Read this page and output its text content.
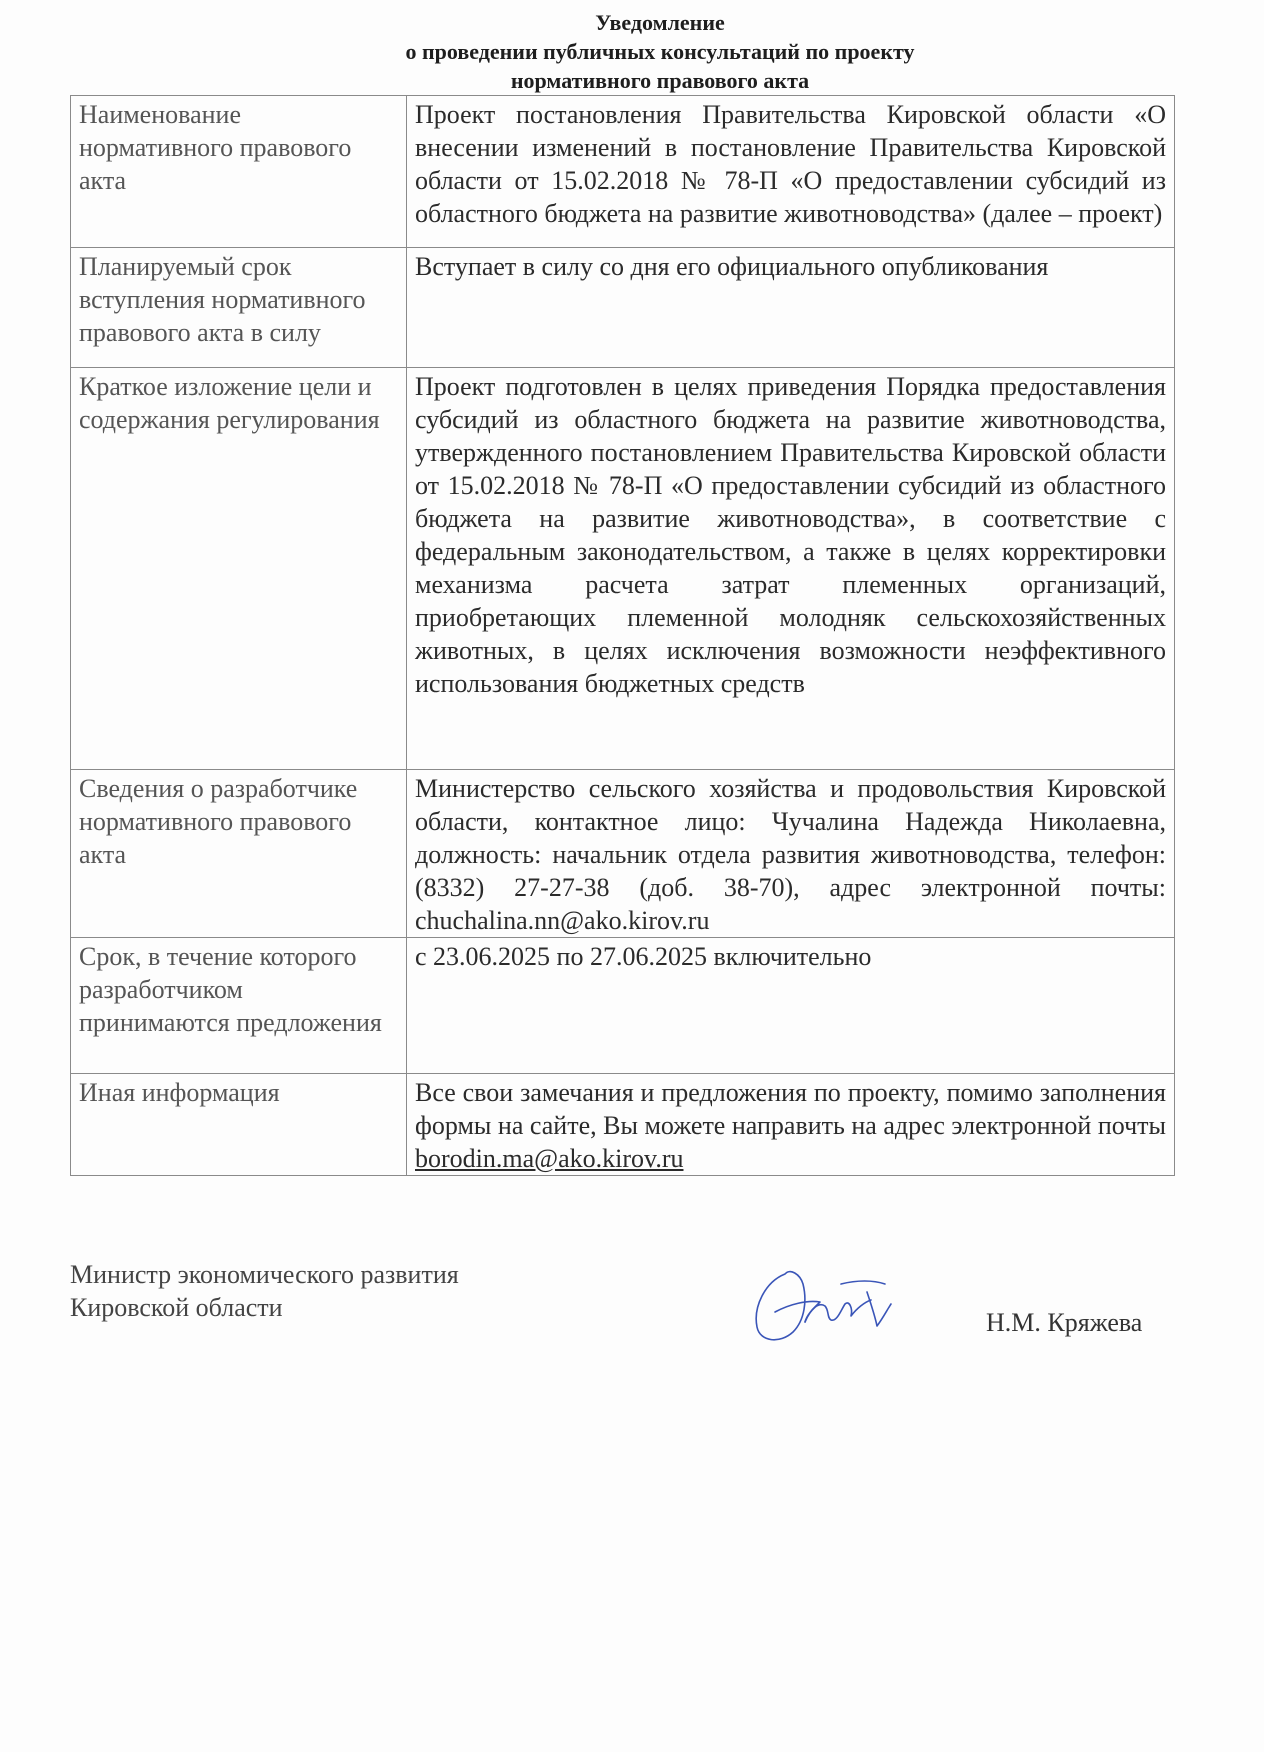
Уведомление
о проведении публичных консультаций по проекту
нормативного правового акта
Наименование нормативного правового акта	Проект постановления Правительства Кировской области «О внесении изменений в постановление Правительства Кировской области от 15.02.2018 № 78-П «О предоставлении субсидий из областного бюджета на развитие животноводства» (далее – проект)
Планируемый срок вступления нормативного правового акта в силу	Вступает в силу со дня его официального опубликования
Краткое изложение цели и содержания регулирования	Проект подготовлен в целях приведения Порядка предоставления субсидий из областного бюджета на развитие животноводства, утвержденного постановлением Правительства Кировской области от 15.02.2018 № 78-П «О предоставлении субсидий из областного бюджета на развитие животноводства», в соответствие с федеральным законодательством, а также в целях корректировки механизма расчета затрат племенных организаций, приобретающих племенной молодняк сельскохозяйственных животных, в целях исключения возможности неэффективного использования бюджетных средств
Сведения о разработчике нормативного правового акта	Министерство сельского хозяйства и продовольствия Кировской области, контактное лицо: Чучалина Надежда Николаевна, должность: начальник отдела развития животноводства, телефон: (8332) 27-27-38 (доб. 38-70), адрес электронной почты: chuchalina.nn@ako.kirov.ru
Срок, в течение которого разработчиком принимаются предложения	с 23.06.2025 по 27.06.2025 включительно
Иная информация	Все свои замечания и предложения по проекту, помимо заполнения формы на сайте, Вы можете направить на адрес электронной почты borodin.ma@ako.kirov.ru
Министр экономического развития
Кировской области
Н.М. Кряжева
